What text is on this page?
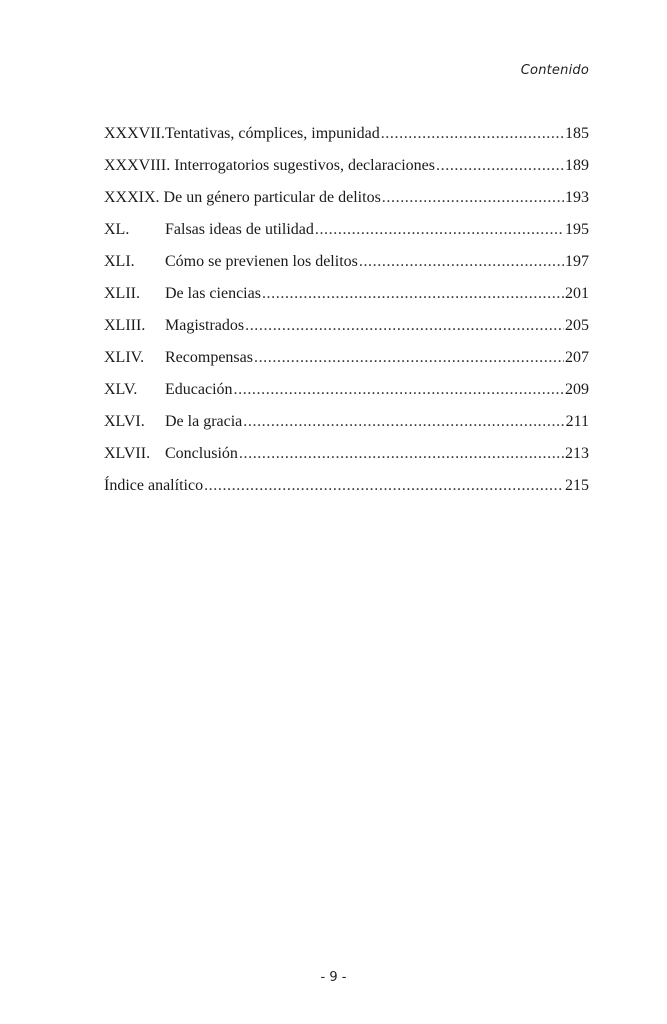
Contenido
XXXVII. Tentativas, cómplices, impunidad .....	185
XXXVIII. Interrogatorios sugestivos, declaraciones .....	189
XXXIX. De un género particular de delitos .....	193
XL.	Falsas ideas de utilidad .....	195
XLI.	Cómo se previenen los delitos .....	197
XLII.	De las ciencias .....	201
XLIII.	Magistrados .....	205
XLIV.	Recompensas .....	207
XLV.	Educación .....	209
XLVI.	De la gracia .....	211
XLVII. Conclusión .....	213
Índice analítico .....	215
- 9 -
